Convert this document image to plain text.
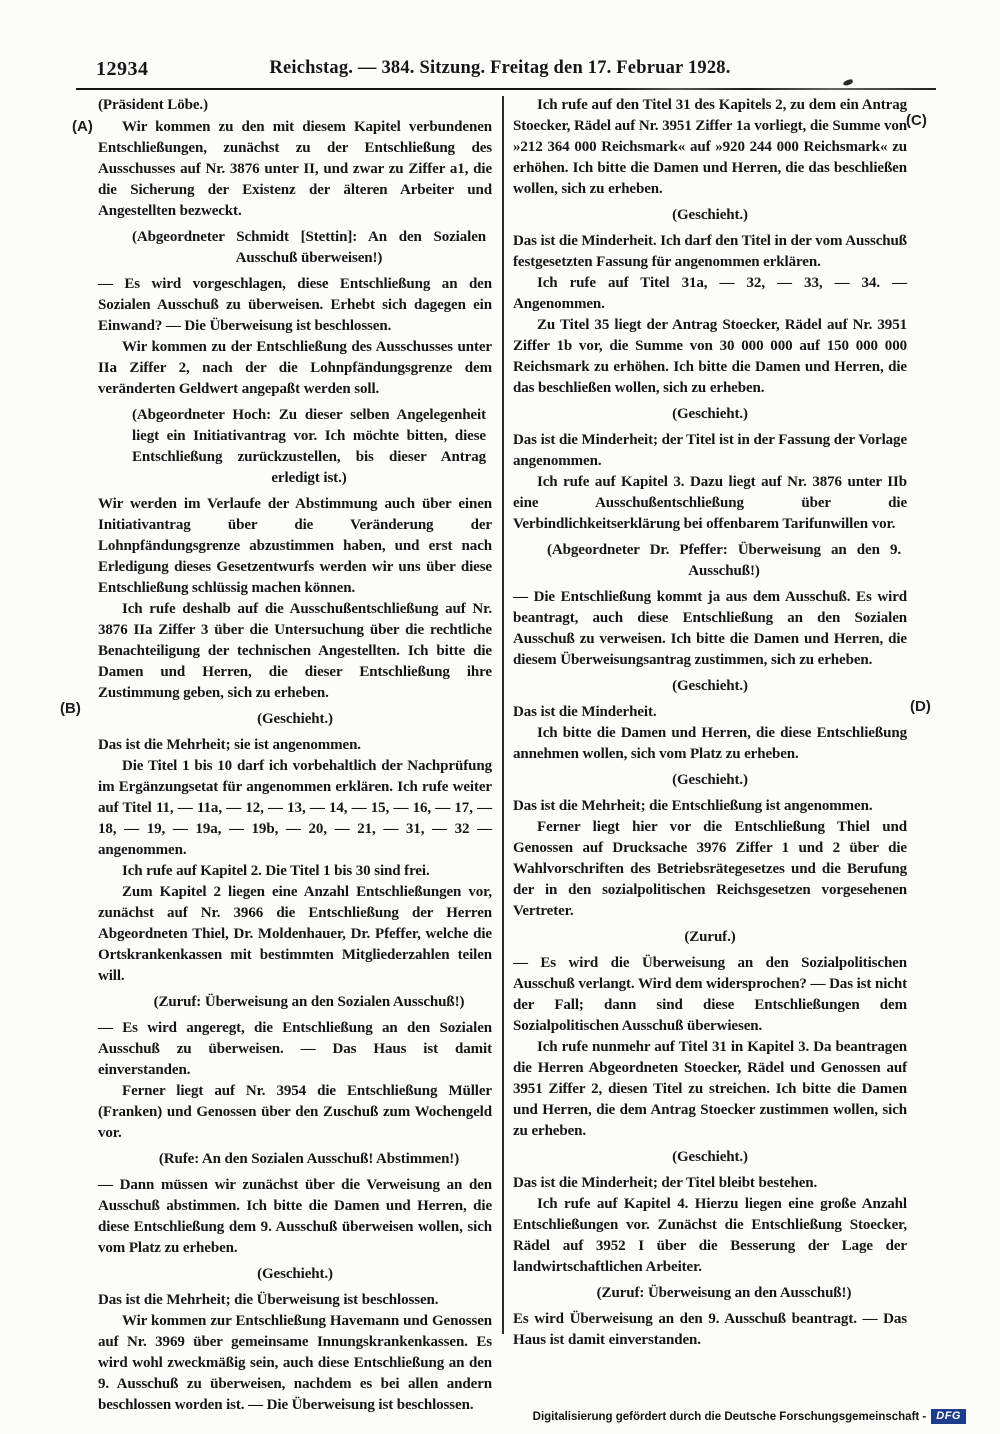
12934	Reichstag. — 384. Sitzung. Freitag den 17. Februar 1928.
(A)
(B)
(C)
(D)

(Präsident Löbe.)

Wir kommen zu den mit diesem Kapitel verbundenen Entschließungen, zunächst zu der Entschließung des Ausschusses auf Nr. 3876 unter II, und zwar zu Ziffer a1, die die Sicherung der Existenz der älteren Arbeiter und Angestellten bezweckt.

(Abgeordneter Schmidt [Stettin]: An den Sozialen Ausschuß überweisen!)

— Es wird vorgeschlagen, diese Entschließung an den Sozialen Ausschuß zu überweisen. Erhebt sich dagegen ein Einwand? — Die Überweisung ist beschlossen.

Wir kommen zu der Entschließung des Ausschusses unter IIa Ziffer 2, nach der die Lohnpfändungsgrenze dem veränderten Geldwert angepaßt werden soll.

(Abgeordneter Hoch: Zu dieser selben Angelegenheit liegt ein Initiativantrag vor. Ich möchte bitten, diese Entschließung zurückzustellen, bis dieser Antrag erledigt ist.)

Wir werden im Verlaufe der Abstimmung auch über einen Initiativantrag über die Veränderung der Lohnpfändungsgrenze abzustimmen haben, und erst nach Erledigung dieses Gesetzentwurfs werden wir uns über diese Entschließung schlüssig machen können.

Ich rufe deshalb auf die Ausschußentschließung auf Nr. 3876 IIa Ziffer 3 über die Untersuchung über die rechtliche Benachteiligung der technischen Angestellten. Ich bitte die Damen und Herren, die dieser Entschließung ihre Zustimmung geben, sich zu erheben.

(Geschieht.)

Das ist die Mehrheit; sie ist angenommen.

Die Titel 1 bis 10 darf ich vorbehaltlich der Nachprüfung im Ergänzungsetat für angenommen erklären. Ich rufe weiter auf Titel 11, — 11a, — 12, — 13, — 14, — 15, — 16, — 17, — 18, — 19, — 19a, — 19b, — 20, — 21, — 31, — 32 — angenommen.

Ich rufe auf Kapitel 2. Die Titel 1 bis 30 sind frei.

Zum Kapitel 2 liegen eine Anzahl Entschließungen vor, zunächst auf Nr. 3966 die Entschließung der Herren Abgeordneten Thiel, Dr. Moldenhauer, Dr. Pfeffer, welche die Ortskrankenkassen mit bestimmten Mitgliederzahlen teilen will.

(Zuruf: Überweisung an den Sozialen Ausschuß!)

— Es wird angeregt, die Entschließung an den Sozialen Ausschuß zu überweisen. — Das Haus ist damit einverstanden.

Ferner liegt auf Nr. 3954 die Entschließung Müller (Franken) und Genossen über den Zuschuß zum Wochengeld vor.

(Rufe: An den Sozialen Ausschuß! Abstimmen!)

— Dann müssen wir zunächst über die Verweisung an den Ausschuß abstimmen. Ich bitte die Damen und Herren, die diese Entschließung dem 9. Ausschuß überweisen wollen, sich vom Platz zu erheben.

(Geschieht.)

Das ist die Mehrheit; die Überweisung ist beschlossen.

Wir kommen zur Entschließung Havemann und Genossen auf Nr. 3969 über gemeinsame Innungskrankenkassen. Es wird wohl zweckmäßig sein, auch diese Entschließung an den 9. Ausschuß zu überweisen, nachdem es bei allen andern beschlossen worden ist. — Die Überweisung ist beschlossen.

Ich rufe auf den Titel 31 des Kapitels 2, zu dem ein Antrag Stoecker, Rädel auf Nr. 3951 Ziffer 1a vorliegt, die Summe von »212 364 000 Reichsmark« auf »920 244 000 Reichsmark« zu erhöhen. Ich bitte die Damen und Herren, die das beschließen wollen, sich zu erheben.

(Geschieht.)

Das ist die Minderheit. Ich darf den Titel in der vom Ausschuß festgesetzten Fassung für angenommen erklären.

Ich rufe auf Titel 31a, — 32, — 33, — 34. — Angenommen.

Zu Titel 35 liegt der Antrag Stoecker, Rädel auf Nr. 3951 Ziffer 1b vor, die Summe von 30 000 000 auf 150 000 000 Reichsmark zu erhöhen. Ich bitte die Damen und Herren, die das beschließen wollen, sich zu erheben.

(Geschieht.)

Das ist die Minderheit; der Titel ist in der Fassung der Vorlage angenommen.

Ich rufe auf Kapitel 3. Dazu liegt auf Nr. 3876 unter IIb eine Ausschußentschließung über die Verbindlichkeitserklärung bei offenbarem Tarifunwillen vor.

(Abgeordneter Dr. Pfeffer: Überweisung an den 9. Ausschuß!)

— Die Entschließung kommt ja aus dem Ausschuß. Es wird beantragt, auch diese Entschließung an den Sozialen Ausschuß zu verweisen. Ich bitte die Damen und Herren, die diesem Überweisungsantrag zustimmen, sich zu erheben.

(Geschieht.)

Das ist die Minderheit.

Ich bitte die Damen und Herren, die diese Entschließung annehmen wollen, sich vom Platz zu erheben.

(Geschieht.)

Das ist die Mehrheit; die Entschließung ist angenommen.

Ferner liegt hier vor die Entschließung Thiel und Genossen auf Drucksache 3976 Ziffer 1 und 2 über die Wahlvorschriften des Betriebsrätegesetzes und die Berufung der in den sozialpolitischen Reichsgesetzen vorgesehenen Vertreter.

(Zuruf.)

— Es wird die Überweisung an den Sozialpolitischen Ausschuß verlangt. Wird dem widersprochen? — Das ist nicht der Fall; dann sind diese Entschließungen dem Sozialpolitischen Ausschuß überwiesen.

Ich rufe nunmehr auf Titel 31 in Kapitel 3. Da beantragen die Herren Abgeordneten Stoecker, Rädel und Genossen auf 3951 Ziffer 2, diesen Titel zu streichen. Ich bitte die Damen und Herren, die dem Antrag Stoecker zustimmen wollen, sich zu erheben.

(Geschieht.)

Das ist die Minderheit; der Titel bleibt bestehen.

Ich rufe auf Kapitel 4. Hierzu liegen eine große Anzahl Entschließungen vor. Zunächst die Entschließung Stoecker, Rädel auf 3952 I über die Besserung der Lage der landwirtschaftlichen Arbeiter.

(Zuruf: Überweisung an den Ausschuß!)

Es wird Überweisung an den 9. Ausschuß beantragt. — Das Haus ist damit einverstanden.

Digitalisierung gefördert durch die Deutsche Forschungsgemeinschaft - DFG
